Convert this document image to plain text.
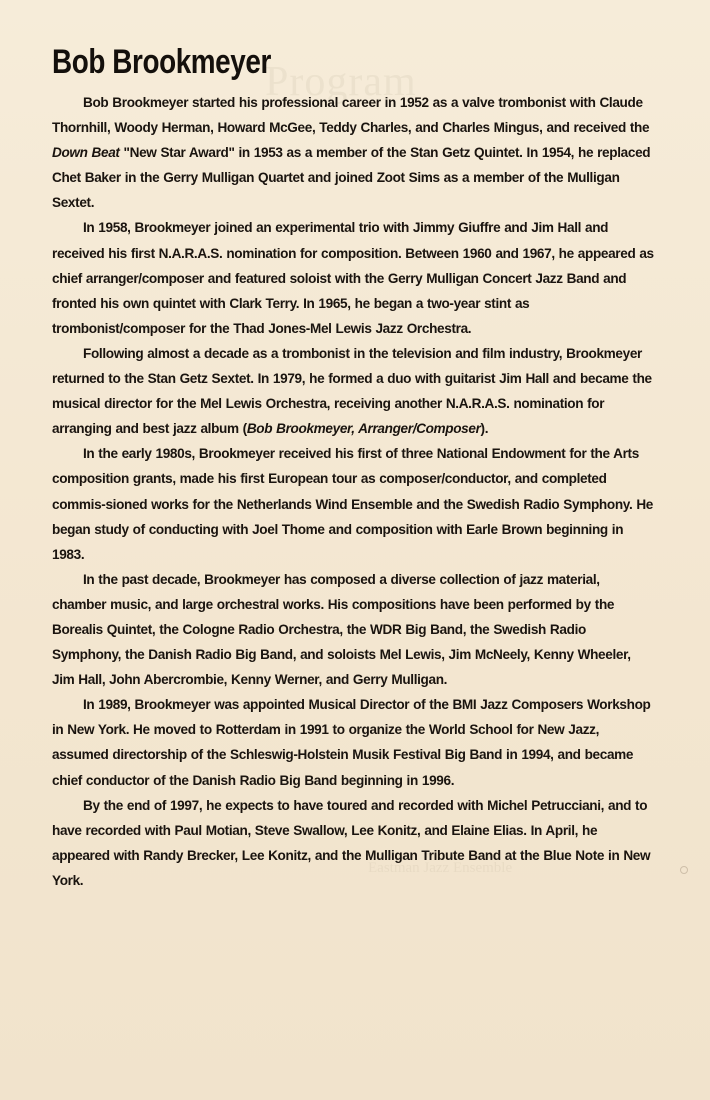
Program
Eastman Jazz Ensemble
Bob Brookmeyer

Bob Brookmeyer started his professional career in 1952 as a valve trombonist with Claude Thornhill, Woody Herman, Howard McGee, Teddy Charles, and Charles Mingus, and received the Down Beat "New Star Award" in 1953 as a member of the Stan Getz Quintet. In 1954, he replaced Chet Baker in the Gerry Mulligan Quartet and joined Zoot Sims as a member of the Mulligan Sextet.

In 1958, Brookmeyer joined an experimental trio with Jimmy Giuffre and Jim Hall and received his first N.A.R.A.S. nomination for composition. Between 1960 and 1967, he appeared as chief arranger/composer and featured soloist with the Gerry Mulligan Concert Jazz Band and fronted his own quintet with Clark Terry. In 1965, he began a two-year stint as trombonist/composer for the Thad Jones-Mel Lewis Jazz Orchestra.

Following almost a decade as a trombonist in the television and film industry, Brookmeyer returned to the Stan Getz Sextet. In 1979, he formed a duo with guitarist Jim Hall and became the musical director for the Mel Lewis Orchestra, receiving another N.A.R.A.S. nomination for arranging and best jazz album (Bob Brookmeyer, Arranger/Composer).

In the early 1980s, Brookmeyer received his first of three National Endowment for the Arts composition grants, made his first European tour as composer/conductor, and completed commis-sioned works for the Netherlands Wind Ensemble and the Swedish Radio Symphony. He began study of conducting with Joel Thome and composition with Earle Brown beginning in 1983.

In the past decade, Brookmeyer has composed a diverse collection of jazz material, chamber music, and large orchestral works. His compositions have been performed by the Borealis Quintet, the Cologne Radio Orchestra, the WDR Big Band, the Swedish Radio Symphony, the Danish Radio Big Band, and soloists Mel Lewis, Jim McNeely, Kenny Wheeler, Jim Hall, John Abercrombie, Kenny Werner, and Gerry Mulligan.

In 1989, Brookmeyer was appointed Musical Director of the BMI Jazz Composers Workshop in New York. He moved to Rotterdam in 1991 to organize the World School for New Jazz, assumed directorship of the Schleswig-Holstein Musik Festival Big Band in 1994, and became chief conductor of the Danish Radio Big Band beginning in 1996.

By the end of 1997, he expects to have toured and recorded with Michel Petrucciani, and to have recorded with Paul Motian, Steve Swallow, Lee Konitz, and Elaine Elias. In April, he appeared with Randy Brecker, Lee Konitz, and the Mulligan Tribute Band at the Blue Note in New York.
